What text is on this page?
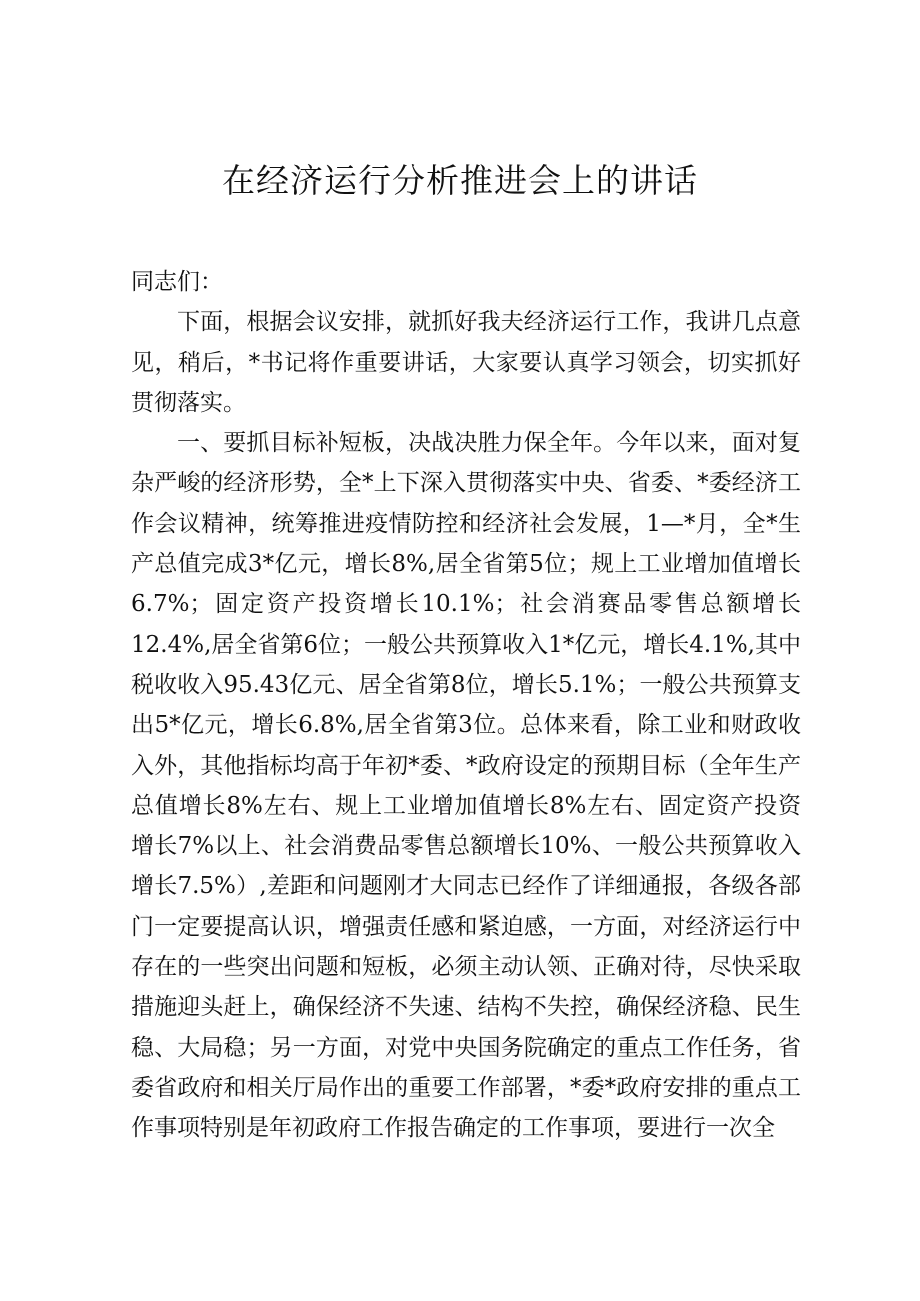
在经济运行分析推进会上的讲话

同志们：

下面，根据会议安排，就抓好我夫经济运行工作，我讲几点意见，稍后，*书记将作重要讲话，大家要认真学习领会，切实抓好贯彻落实。

一、要抓目标补短板，决战决胜力保全年。今年以来，面对复杂严峻的经济形势，全*上下深入贯彻落实中央、省委、*委经济工作会议精神，统筹推进疫情防控和经济社会发展，1—*月，全*生产总值完成3*亿元，增长8%,居全省第5位；规上工业增加值增长6.7%；固定资产投资增长10.1%；社会消赛品零售总额增长12.4%,居全省第6位；一般公共预算收入1*亿元，增长4.1%,其中税收收入95.43亿元、居全省第8位，增长5.1%；一般公共预算支出5*亿元，增长6.8%,居全省第3位。总体来看，除工业和财政收入外，其他指标均高于年初*委、*政府设定的预期目标（全年生产总值增长8%左右、规上工业增加值增长8%左右、固定资产投资增长7%以上、社会消费品零售总额增长10%、一般公共预算收入增长7.5%）,差距和问题刚才大同志已经作了详细通报，各级各部门一定要提高认识，增强责任感和紧迫感，一方面，对经济运行中存在的一些突出问题和短板，必须主动认领、正确对待，尽快采取措施迎头赶上，确保经济不失速、结构不失控，确保经济稳、民生稳、大局稳；另一方面，对党中央国务院确定的重点工作任务，省委省政府和相关厅局作出的重要工作部署，*委*政府安排的重点工作事项特别是年初政府工作报告确定的工作事项，要进行一次全
